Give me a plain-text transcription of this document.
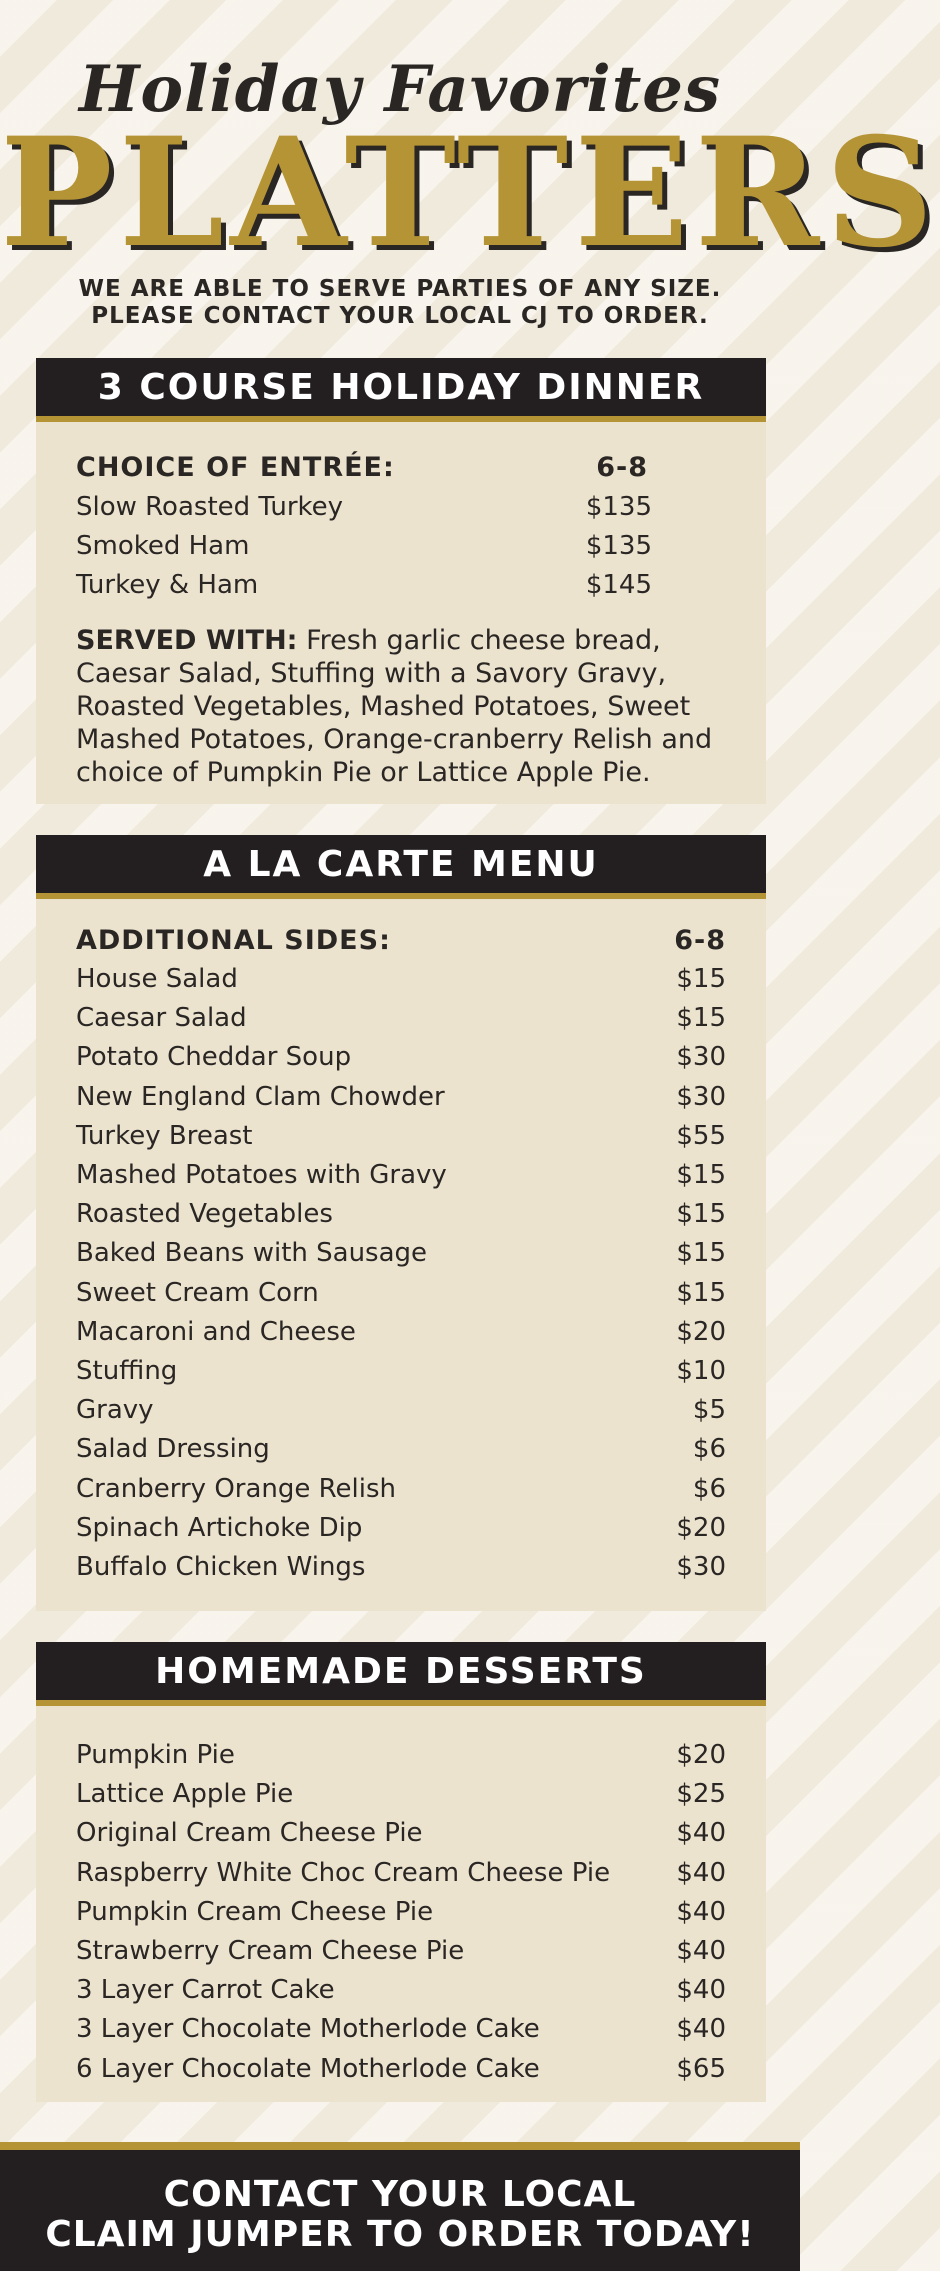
Holiday Favorites
PLATTERS
WE ARE ABLE TO SERVE PARTIES OF ANY SIZE.
PLEASE CONTACT YOUR LOCAL CJ TO ORDER.
3 COURSE HOLIDAY DINNER
CHOICE OF ENTRÉE:	6-8
Slow Roasted Turkey	$135
Smoked Ham	$135
Turkey & Ham	$145
SERVED WITH: Fresh garlic cheese bread, Caesar Salad, Stuffing with a Savory Gravy, Roasted Vegetables, Mashed Potatoes, Sweet Mashed Potatoes, Orange-cranberry Relish and choice of Pumpkin Pie or Lattice Apple Pie.
A LA CARTE MENU
ADDITIONAL SIDES:	6-8
House Salad	$15
Caesar Salad	$15
Potato Cheddar Soup	$30
New England Clam Chowder	$30
Turkey Breast	$55
Mashed Potatoes with Gravy	$15
Roasted Vegetables	$15
Baked Beans with Sausage	$15
Sweet Cream Corn	$15
Macaroni and Cheese	$20
Stuffing	$10
Gravy	$5
Salad Dressing	$6
Cranberry Orange Relish	$6
Spinach Artichoke Dip	$20
Buffalo Chicken Wings	$30
HOMEMADE DESSERTS
Pumpkin Pie	$20
Lattice Apple Pie	$25
Original Cream Cheese Pie	$40
Raspberry White Choc Cream Cheese Pie	$40
Pumpkin Cream Cheese Pie	$40
Strawberry Cream Cheese Pie	$40
3 Layer Carrot Cake	$40
3 Layer Chocolate Motherlode Cake	$40
6 Layer Chocolate Motherlode Cake	$65
CONTACT YOUR LOCAL
CLAIM JUMPER TO ORDER TODAY!
